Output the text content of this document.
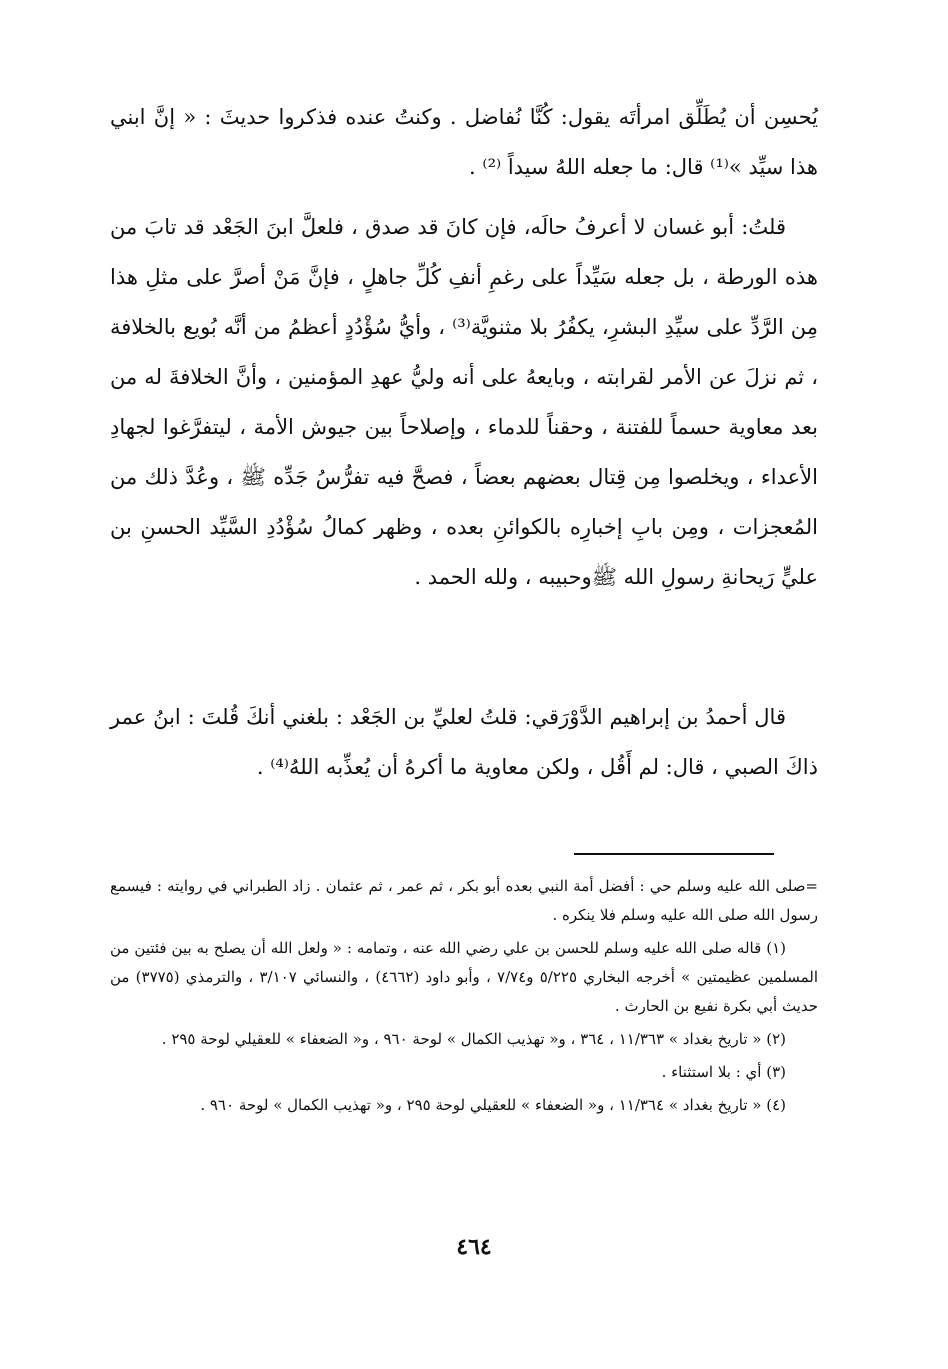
يُحسِن أن يُطَلِّق امرأتَه يقول: كُنَّا نُفاضل . وكنتُ عنده فذكروا حديثَ : « إنَّ ابني هذا سيِّد »⁽¹⁾ قال: ما جعله اللهُ سيداً ⁽²⁾ .

قلتُ: أبو غسان لا أعرفُ حالَه، فإن كانَ قد صدق ، فلعلَّ ابنَ الجَعْد قد تابَ من هذه الورطة ، بل جعله سَيِّداً على رغمِ أنفِ كُلِّ جاهلٍ ، فإنَّ مَنْ أصرَّ على مثلِ هذا مِن الرَّدِّ على سيِّدِ البشرِ، يكفُرُ بلا مثنويَّة⁽³⁾ ، وأيُّ سُؤْدُدٍ أعظمُ من أنَّه بُويع بالخلافة ، ثم نزلَ عن الأمر لقرابته ، وبايعهُ على أنه وليُّ عهدِ المؤمنين ، وأنَّ الخلافةَ له من بعد معاوية حسماً للفتنة ، وحقناً للدماء ، وإصلاحاً بين جيوش الأمة ، ليتفرَّغوا لجهادِ الأعداء ، ويخلصوا مِن قِتال بعضهم بعضاً ، فصحَّ فيه تفرُّسُ جَدِّه ﷺ ، وعُدَّ ذلك من المُعجزات ، ومِن بابِ إخبارِه بالكوائنِ بعده ، وظهر كمالُ سُؤْدُدِ السَّيِّد الحسنِ بن عليٍّ رَيحانةِ رسولِ الله ﷺوحبيبه ، ولله الحمد .

قال أحمدُ بن إبراهيم الدَّوْرَقي: قلتُ لعليِّ بن الجَعْد : بلغني أنكَ قُلتَ : ابنُ عمر ذاكَ الصبي ، قال: لم أَقُل ، ولكن معاوية ما أكرهُ أن يُعذِّبه اللهُ⁽⁴⁾ .

=صلى الله عليه وسلم حي : أفضل أمة النبي بعده أبو بكر ، ثم عمر ، ثم عثمان . زاد الطبراني في روايته : فيسمع رسول الله صلى الله عليه وسلم فلا ينكره .

(١) قاله صلى الله عليه وسلم للحسن بن علي رضي الله عنه ، وتمامه : « ولعل الله أن يصلح به بين فئتين من المسلمين عظيمتين » أخرجه البخاري ٥/٢٢٥ و٧/٧٤ ، وأبو داود (٤٦٦٢) ، والنسائي ٣/١٠٧ ، والترمذي (٣٧٧٥) من حديث أبي بكرة نفيع بن الحارث .

(٢) « تاريخ بغداد » ١١/٣٦٣ ، ٣٦٤ ، و« تهذيب الكمال » لوحة ٩٦٠ ، و« الضعفاء » للعقيلي لوحة ٢٩٥ .

(٣) أي : بلا استثناء .

(٤) « تاريخ بغداد » ١١/٣٦٤ ، و« الضعفاء » للعقيلي لوحة ٢٩٥ ، و« تهذيب الكمال » لوحة ٩٦٠ .

٤٦٤
